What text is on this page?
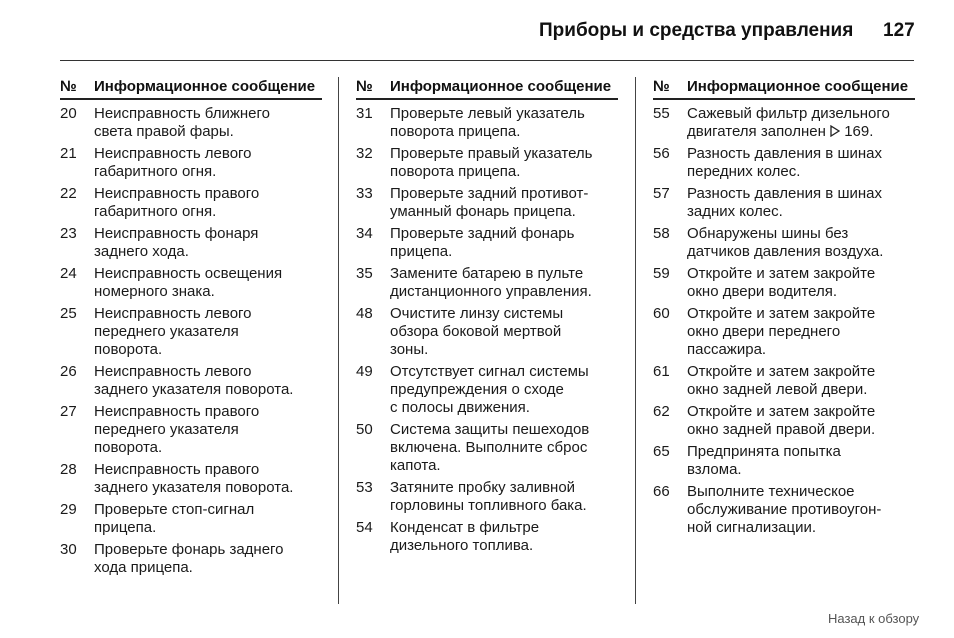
Приборы и средства управления 127
№	Информационное сообщение
20	Неисправность ближнего
света правой фары.
21	Неисправность левого
габаритного огня.
22	Неисправность правого
габаритного огня.
23	Неисправность фонаря
заднего хода.
24	Неисправность освещения
номерного знака.
25	Неисправность левого
переднего указателя
поворота.
26	Неисправность левого
заднего указателя поворота.
27	Неисправность правого
переднего указателя
поворота.
28	Неисправность правого
заднего указателя поворота.
29	Проверьте стоп-сигнал
прицепа.
30	Проверьте фонарь заднего
хода прицепа.
№	Информационное сообщение
31	Проверьте левый указатель
поворота прицепа.
32	Проверьте правый указатель
поворота прицепа.
33	Проверьте задний противот-
уманный фонарь прицепа.
34	Проверьте задний фонарь
прицепа.
35	Замените батарею в пульте
дистанционного управления.
48	Очистите линзу системы
обзора боковой мертвой
зоны.
49	Отсутствует сигнал системы
предупреждения о сходе
с полосы движения.
50	Система защиты пешеходов
включена. Выполните сброс
капота.
53	Затяните пробку заливной
горловины топливного бака.
54	Конденсат в фильтре
дизельного топлива.
№	Информационное сообщение
55	Сажевый фильтр дизельного
двигателя заполнен 169.
56	Разность давления в шинах
передних колес.
57	Разность давления в шинах
задних колес.
58	Обнаружены шины без
датчиков давления воздуха.
59	Откройте и затем закройте
окно двери водителя.
60	Откройте и затем закройте
окно двери переднего
пассажира.
61	Откройте и затем закройте
окно задней левой двери.
62	Откройте и затем закройте
окно задней правой двери.
65	Предпринята попытка
взлома.
66	Выполните техническое
обслуживание противоугон-
ной сигнализации.
Назад к обзору
